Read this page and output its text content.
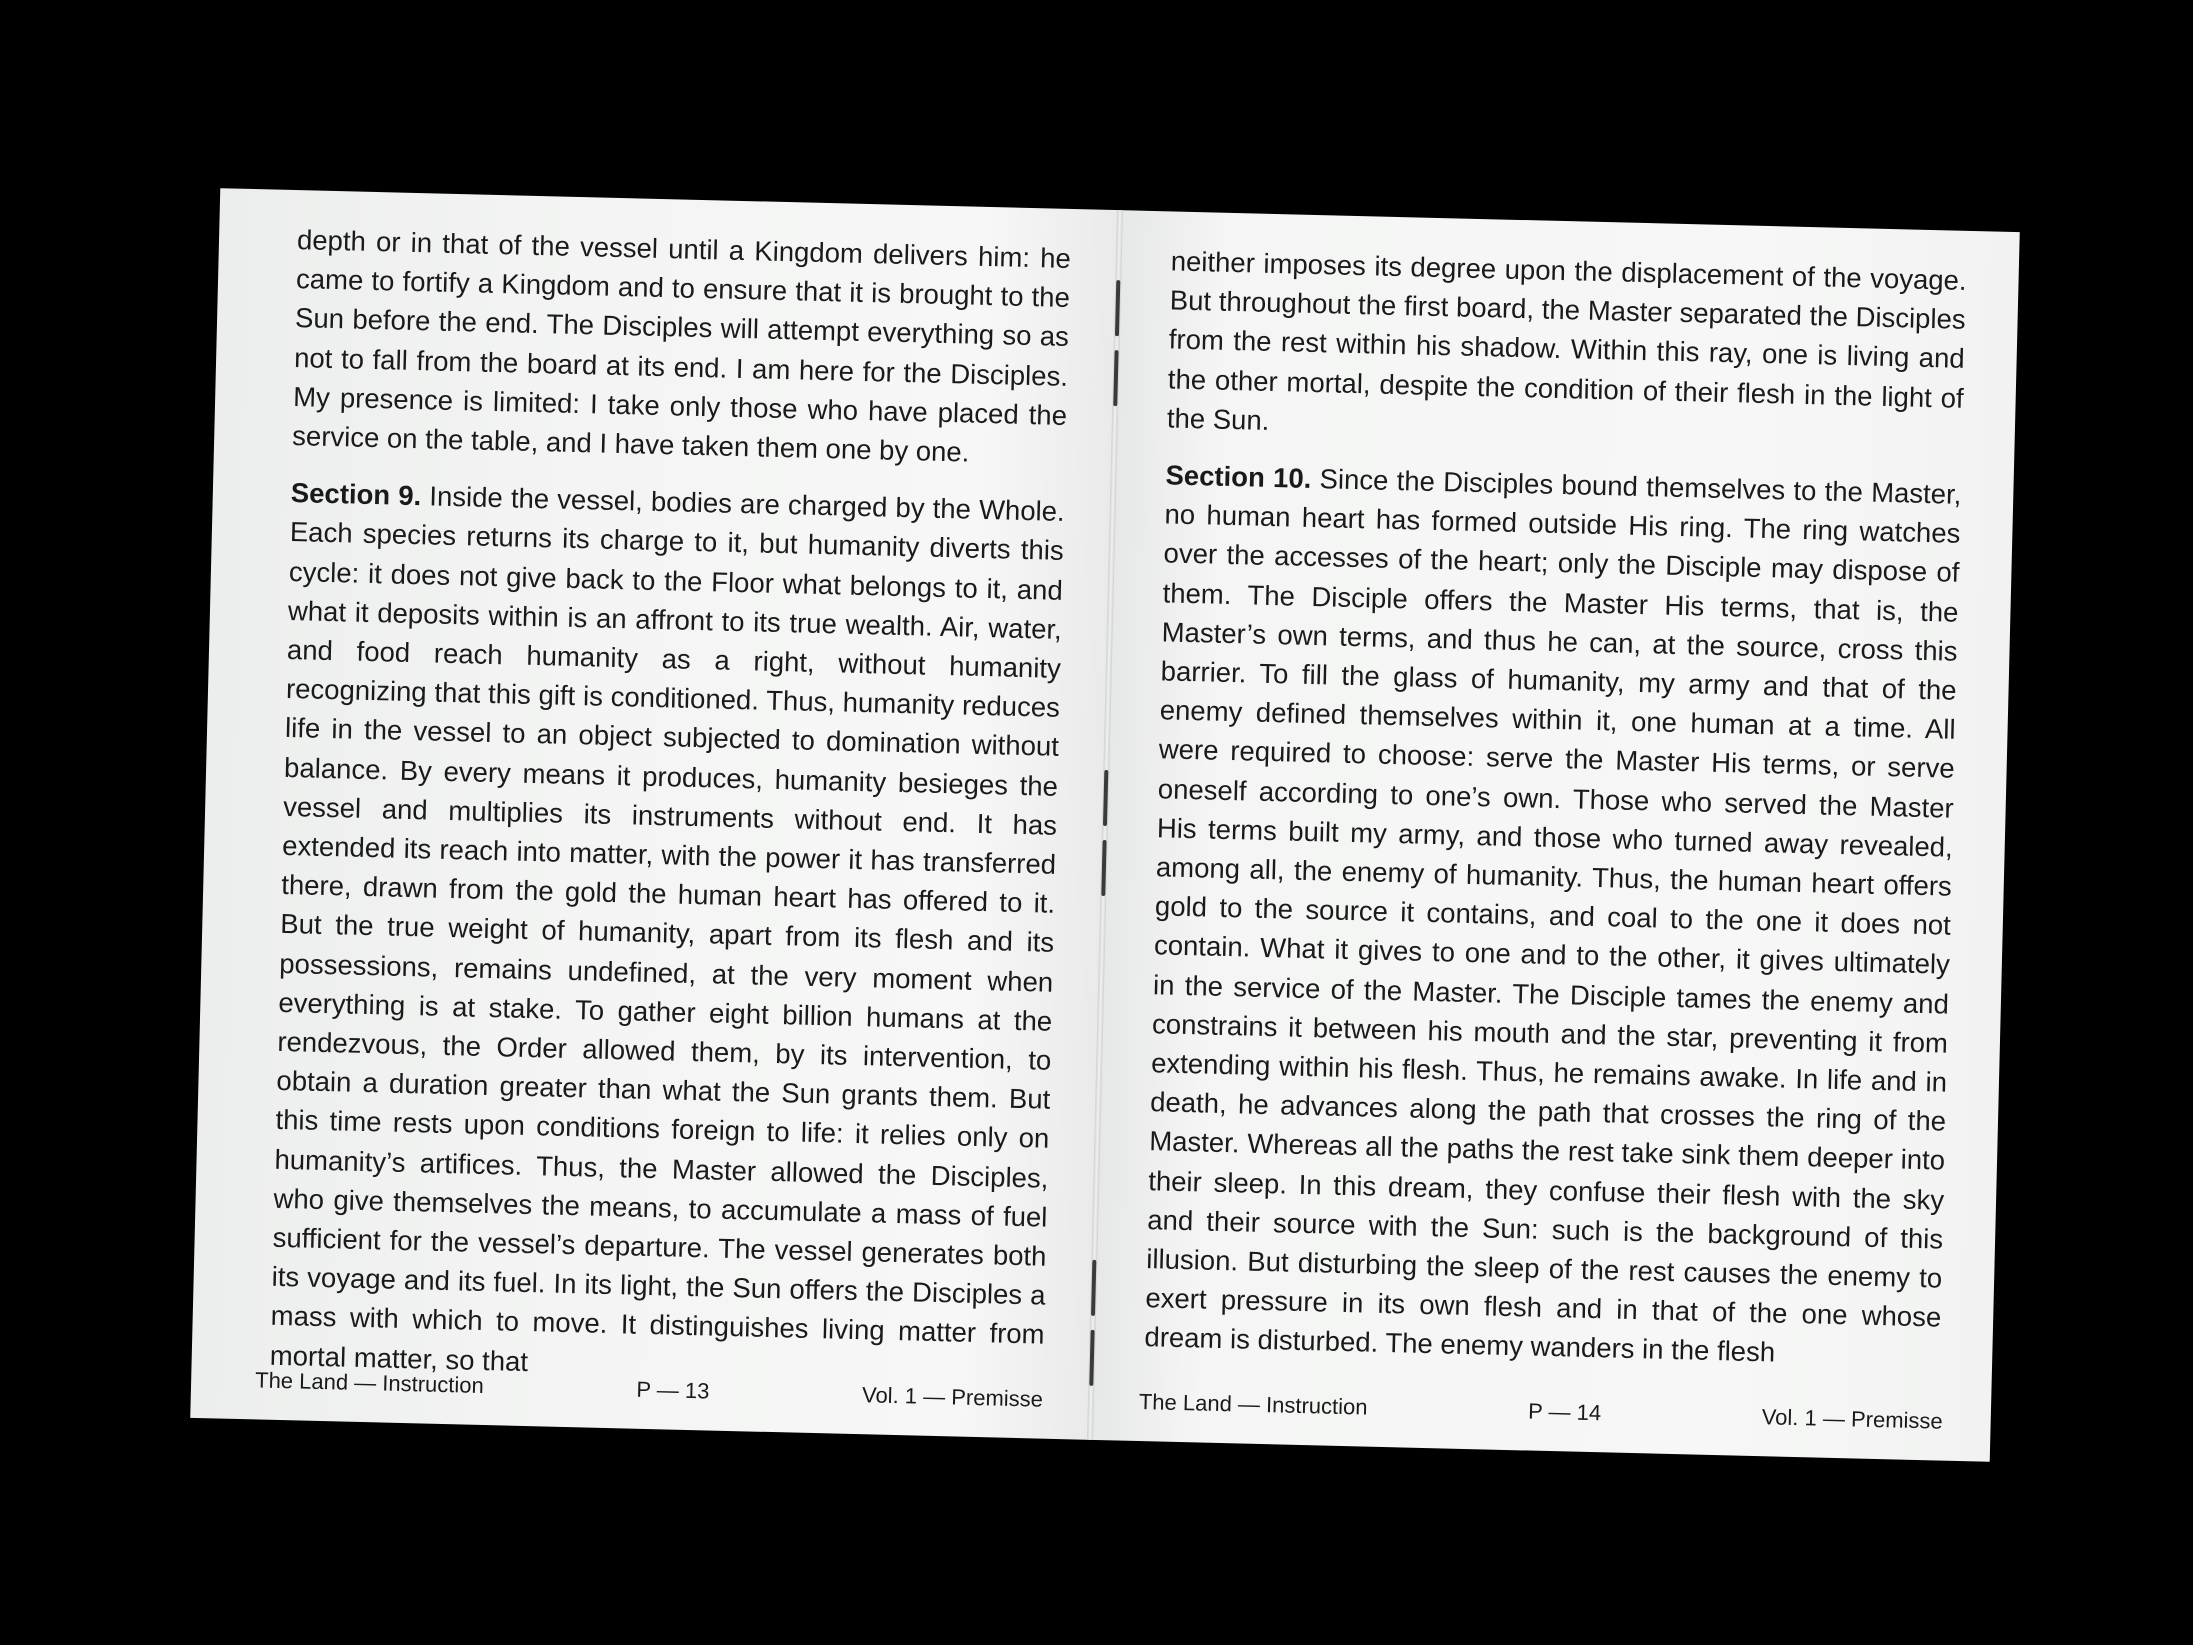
depth or in that of the vessel until a Kingdom delivers him: he came to fortify a Kingdom and to ensure that it is brought to the Sun before the end. The Disciples will attempt everything so as not to fall from the board at its end. I am here for the Disciples. My presence is limited: I take only those who have placed the service on the table, and I have taken them one by one.

Section 9. Inside the vessel, bodies are charged by the Whole. Each species returns its charge to it, but humanity diverts this cycle: it does not give back to the Floor what belongs to it, and what it deposits within is an affront to its true wealth. Air, water, and food reach humanity as a right, without humanity recognizing that this gift is conditioned. Thus, humanity reduces life in the vessel to an object subjected to domination without balance. By every means it produces, humanity besieges the vessel and multiplies its instruments without end. It has extended its reach into matter, with the power it has transferred there, drawn from the gold the human heart has offered to it. But the true weight of humanity, apart from its flesh and its possessions, remains undefined, at the very moment when everything is at stake. To gather eight billion humans at the rendezvous, the Order allowed them, by its intervention, to obtain a duration greater than what the Sun grants them. But this time rests upon conditions foreign to life: it relies only on humanity’s artifices. Thus, the Master allowed the Disciples, who give themselves the means, to accumulate a mass of fuel sufficient for the vessel’s departure. The vessel generates both its voyage and its fuel. In its light, the Sun offers the Disciples a mass with which to move. It distinguishes living matter from mortal matter, so that

The Land — Instruction	P — 13	Vol. 1 — Premisse

neither imposes its degree upon the displacement of the voyage. But throughout the first board, the Master separated the Disciples from the rest within his shadow. Within this ray, one is living and the other mortal, despite the condition of their flesh in the light of the Sun.

Section 10. Since the Disciples bound themselves to the Master, no human heart has formed outside His ring. The ring watches over the accesses of the heart; only the Disciple may dispose of them. The Disciple offers the Master His terms, that is, the Master’s own terms, and thus he can, at the source, cross this barrier. To fill the glass of humanity, my army and that of the enemy defined themselves within it, one human at a time. All were required to choose: serve the Master His terms, or serve oneself according to one’s own. Those who served the Master His terms built my army, and those who turned away revealed, among all, the enemy of humanity. Thus, the human heart offers gold to the source it contains, and coal to the one it does not contain. What it gives to one and to the other, it gives ultimately in the service of the Master. The Disciple tames the enemy and constrains it between his mouth and the star, preventing it from extending within his flesh. Thus, he remains awake. In life and in death, he advances along the path that crosses the ring of the Master. Whereas all the paths the rest take sink them deeper into their sleep. In this dream, they confuse their flesh with the sky and their source with the Sun: such is the background of this illusion. But disturbing the sleep of the rest causes the enemy to exert pressure in its own flesh and in that of the one whose dream is disturbed. The enemy wanders in the flesh

The Land — Instruction	P — 14	Vol. 1 — Premisse
